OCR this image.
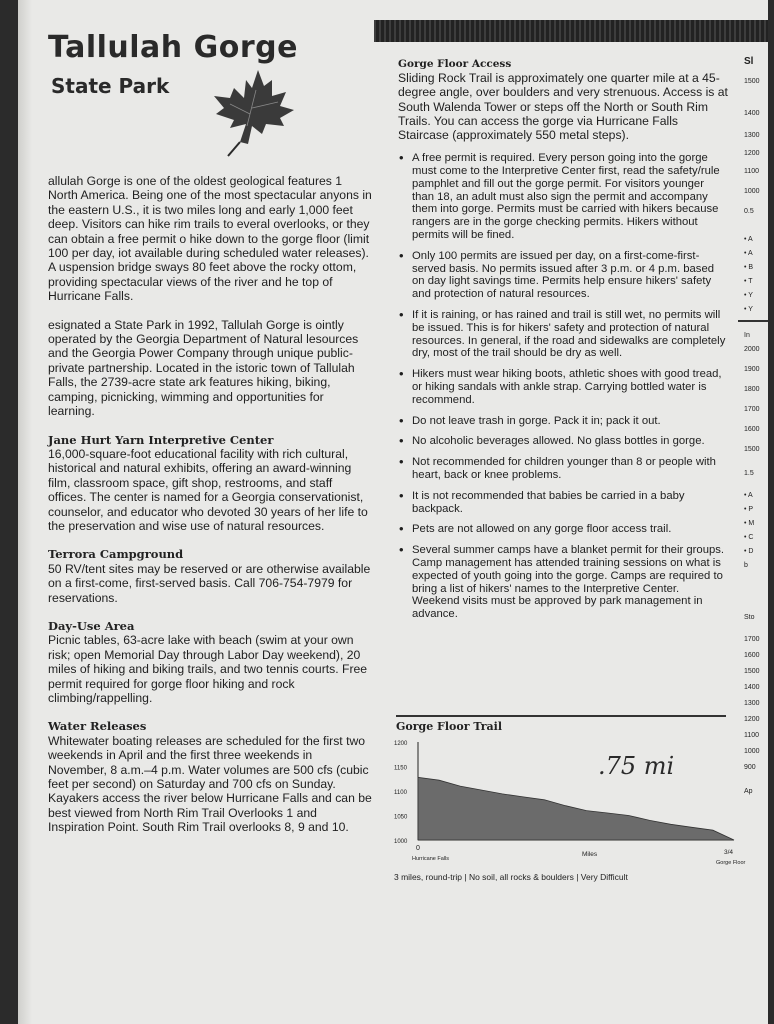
Tallulah Gorge
State Park

allulah Gorge is one of the oldest geological features 1 North America. Being one of the most spectacular anyons in the eastern U.S., it is two miles long and early 1,000 feet deep. Visitors can hike rim trails to everal overlooks, or they can obtain a free permit o hike down to the gorge floor (limit 100 per day, iot available during scheduled water releases). A uspension bridge sways 80 feet above the rocky ottom, providing spectacular views of the river and he top of Hurricane Falls.

esignated a State Park in 1992, Tallulah Gorge is ointly operated by the Georgia Department of Natural lesources and the Georgia Power Company through unique public-private partnership. Located in the istoric town of Tallulah Falls, the 2739-acre state ark features hiking, biking, camping, picnicking, wimming and opportunities for learning.

Jane Hurt Yarn Interpretive Center
16,000-square-foot educational facility with rich cultural, historical and natural exhibits, offering an award-winning film, classroom space, gift shop, restrooms, and staff offices. The center is named for a Georgia conservationist, counselor, and educator who devoted 30 years of her life to the preservation and wise use of natural resources.
Terrora Campground
50 RV/tent sites may be reserved or are otherwise available on a first-come, first-served basis. Call 706-754-7979 for reservations.
Day-Use Area
Picnic tables, 63-acre lake with beach (swim at your own risk; open Memorial Day through Labor Day weekend), 20 miles of hiking and biking trails, and two tennis courts. Free permit required for gorge floor hiking and rock climbing/rappelling.
Water Releases
Whitewater boating releases are scheduled for the first two weekends in April and the first three weekends in November, 8 a.m.–4 p.m. Water volumes are 500 cfs (cubic feet per second) on Saturday and 700 cfs on Sunday. Kayakers access the river below Hurricane Falls and can be best viewed from North Rim Trail Overlooks 1 and Inspiration Point. South Rim Trail overlooks 8, 9 and 10.
Gorge Floor Access
Sliding Rock Trail is approximately one quarter mile at a 45-degree angle, over boulders and very strenuous. Access is at South Walenda Tower or steps off the North or South Rim Trails. You can access the gorge via Hurricane Falls Staircase (approximately 550 metal steps).
• A free permit is required. Every person going into the gorge must come to the Interpretive Center first, read the safety/rule pamphlet and fill out the gorge permit. For visitors younger than 18, an adult must also sign the permit and accompany them into gorge. Permits must be carried with hikers because rangers are in the gorge checking permits. Hikers without permits will be fined.
• Only 100 permits are issued per day, on a first-come-first-served basis. No permits issued after 3 p.m. or 4 p.m. based on day light savings time. Permits help ensure hikers' safety and protection of natural resources.
• If it is raining, or has rained and trail is still wet, no permits will be issued. This is for hikers' safety and protection of natural resources. In general, if the road and sidewalks are completely dry, most of the trail should be dry as well.
• Hikers must wear hiking boots, athletic shoes with good tread, or hiking sandals with ankle strap. Carrying bottled water is recommend.
• Do not leave trash in gorge. Pack it in; pack it out.
• No alcoholic beverages allowed. No glass bottles in gorge.
• Not recommended for children younger than 8 or people with heart, back or knee problems.
• It is not recommended that babies be carried in a baby backpack.
• Pets are not allowed on any gorge floor access trail.
• Several summer camps have a blanket permit for their groups. Camp management has attended training sessions on what is expected of youth going into the gorge. Camps are required to bring a list of hikers' names to the Interpretive Center. Weekend visits must be approved by park management in advance.
Gorge Floor Trail
1200
1150
1100
1050
1000
0
Miles	3/4
Hurricane Falls
Gorge Floor
.75 mi
3 miles, round-trip | No soil, all rocks & boulders | Very Difficult
1500
1400
1300
1200
1100
1000
0.5
• A
• A
• B
• T
• Y
• Y
In
2000
1900
1800
1700
1600
1500
1.5
• A
• P
• M
• C
• D
b
Sto
1700
1600
1500
1400
1300
1200
1100
1000
900
Ap
Sl
